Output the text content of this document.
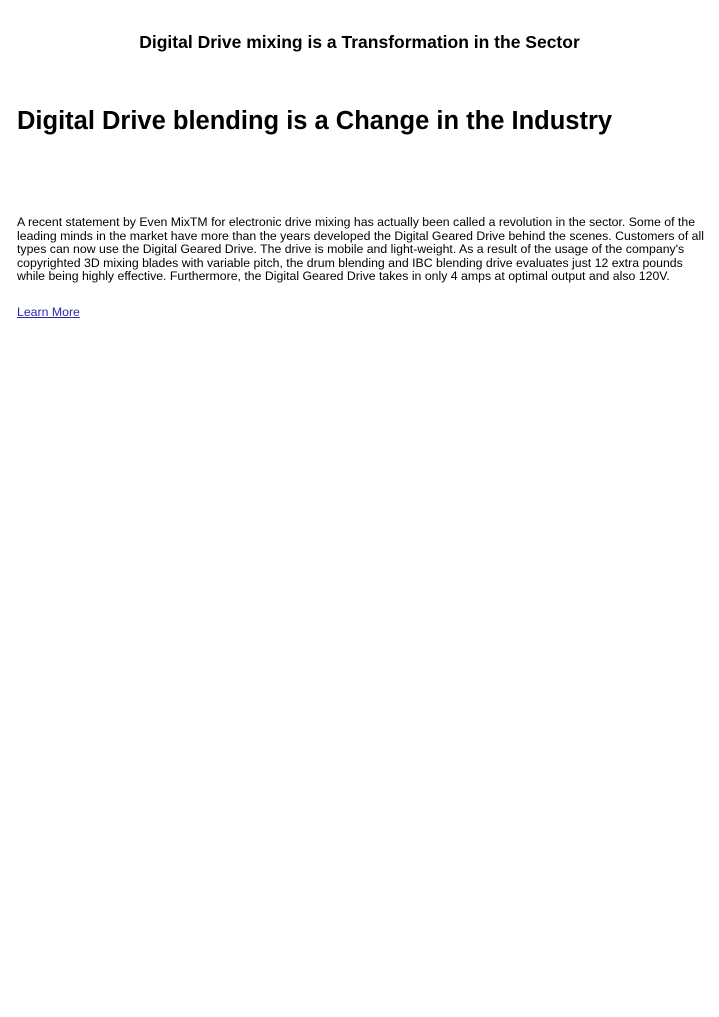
Digital Drive mixing is a Transformation in the Sector
Digital Drive blending is a Change in the Industry

A recent statement by Even MixTM for electronic drive mixing has actually been called a revolution in the sector. Some of the leading minds in the market have more than the years developed the Digital Geared Drive behind the scenes. Customers of all types can now use the Digital Geared Drive. The drive is mobile and light-weight. As a result of the usage of the company's copyrighted 3D mixing blades with variable pitch, the drum blending and IBC blending drive evaluates just 12 extra pounds while being highly effective. Furthermore, the Digital Geared Drive takes in only 4 amps at optimal output and also 120V.

Learn More
